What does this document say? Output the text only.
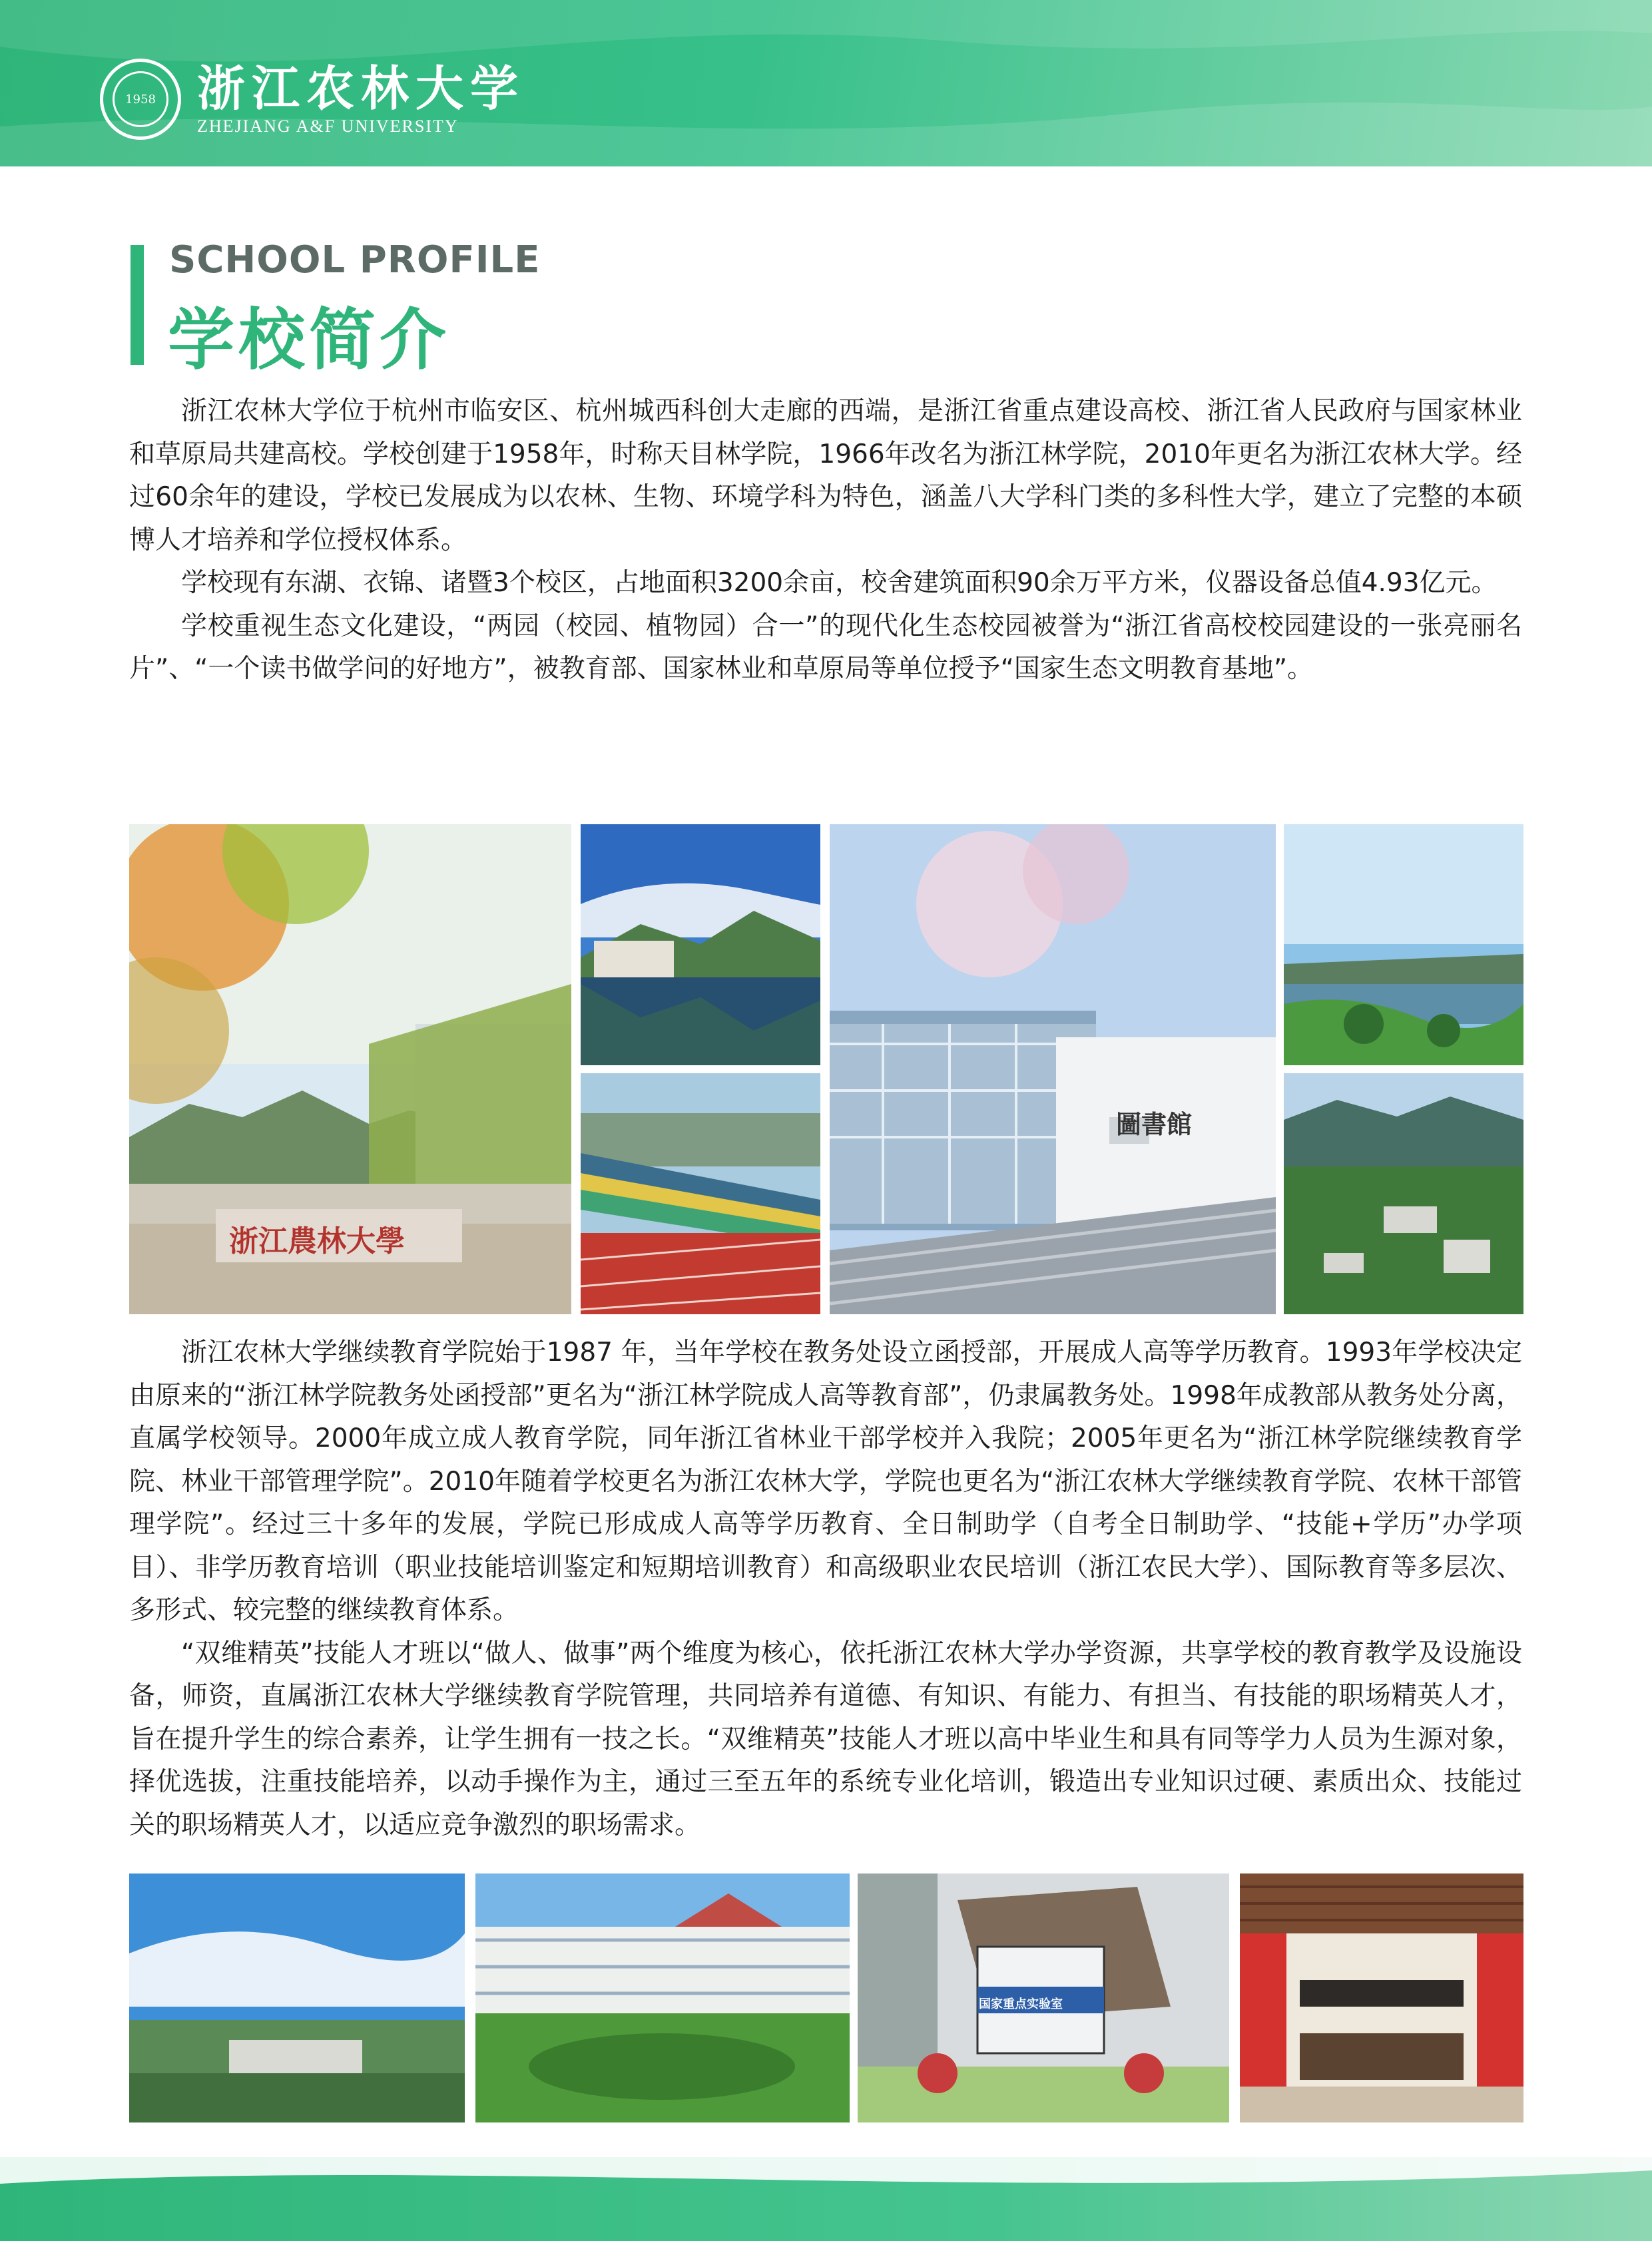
1958 浙江农林大学
ZHEJIANG A&F UNIVERSITY
SCHOOL PROFILE
学校简介

浙江农林大学位于杭州市临安区、杭州城西科创大走廊的西端，是浙江省重点建设高校、浙江省人民政府与国家林业和草原局共建高校。学校创建于1958年，时称天目林学院，1966年改名为浙江林学院，2010年更名为浙江农林大学。经过60余年的建设，学校已发展成为以农林、生物、环境学科为特色，涵盖八大学科门类的多科性大学，建立了完整的本硕博人才培养和学位授权体系。

学校现有东湖、衣锦、诸暨3个校区，占地面积3200余亩，校舍建筑面积90余万平方米，仪器设备总值4.93亿元。

学校重视生态文化建设，“两园（校园、植物园）合一”的现代化生态校园被誉为“浙江省高校校园建设的一张亮丽名片”、“一个读书做学问的好地方”，被教育部、国家林业和草原局等单位授予“国家生态文明教育基地”。

浙江農林大學
圖書館

浙江农林大学继续教育学院始于1987 年，当年学校在教务处设立函授部，开展成人高等学历教育。1993年学校决定由原来的“浙江林学院教务处函授部”更名为“浙江林学院成人高等教育部”，仍隶属教务处。1998年成教部从教务处分离，直属学校领导。2000年成立成人教育学院，同年浙江省林业干部学校并入我院；2005年更名为“浙江林学院继续教育学院、林业干部管理学院”。2010年随着学校更名为浙江农林大学，学院也更名为“浙江农林大学继续教育学院、农林干部管理学院”。经过三十多年的发展，学院已形成成人高等学历教育、全日制助学（自考全日制助学、“技能+学历”办学项目）、非学历教育培训（职业技能培训鉴定和短期培训教育）和高级职业农民培训（浙江农民大学）、国际教育等多层次、多形式、较完整的继续教育体系。

“双维精英”技能人才班以“做人、做事”两个维度为核心，依托浙江农林大学办学资源，共享学校的教育教学及设施设备，师资，直属浙江农林大学继续教育学院管理，共同培养有道德、有知识、有能力、有担当、有技能的职场精英人才，旨在提升学生的综合素养，让学生拥有一技之长。“双维精英”技能人才班以高中毕业生和具有同等学力人员为生源对象，择优选拔，注重技能培养，以动手操作为主，通过三至五年的系统专业化培训，锻造出专业知识过硬、素质出众、技能过关的职场精英人才，以适应竞争激烈的职场需求。

国家重点实验室
